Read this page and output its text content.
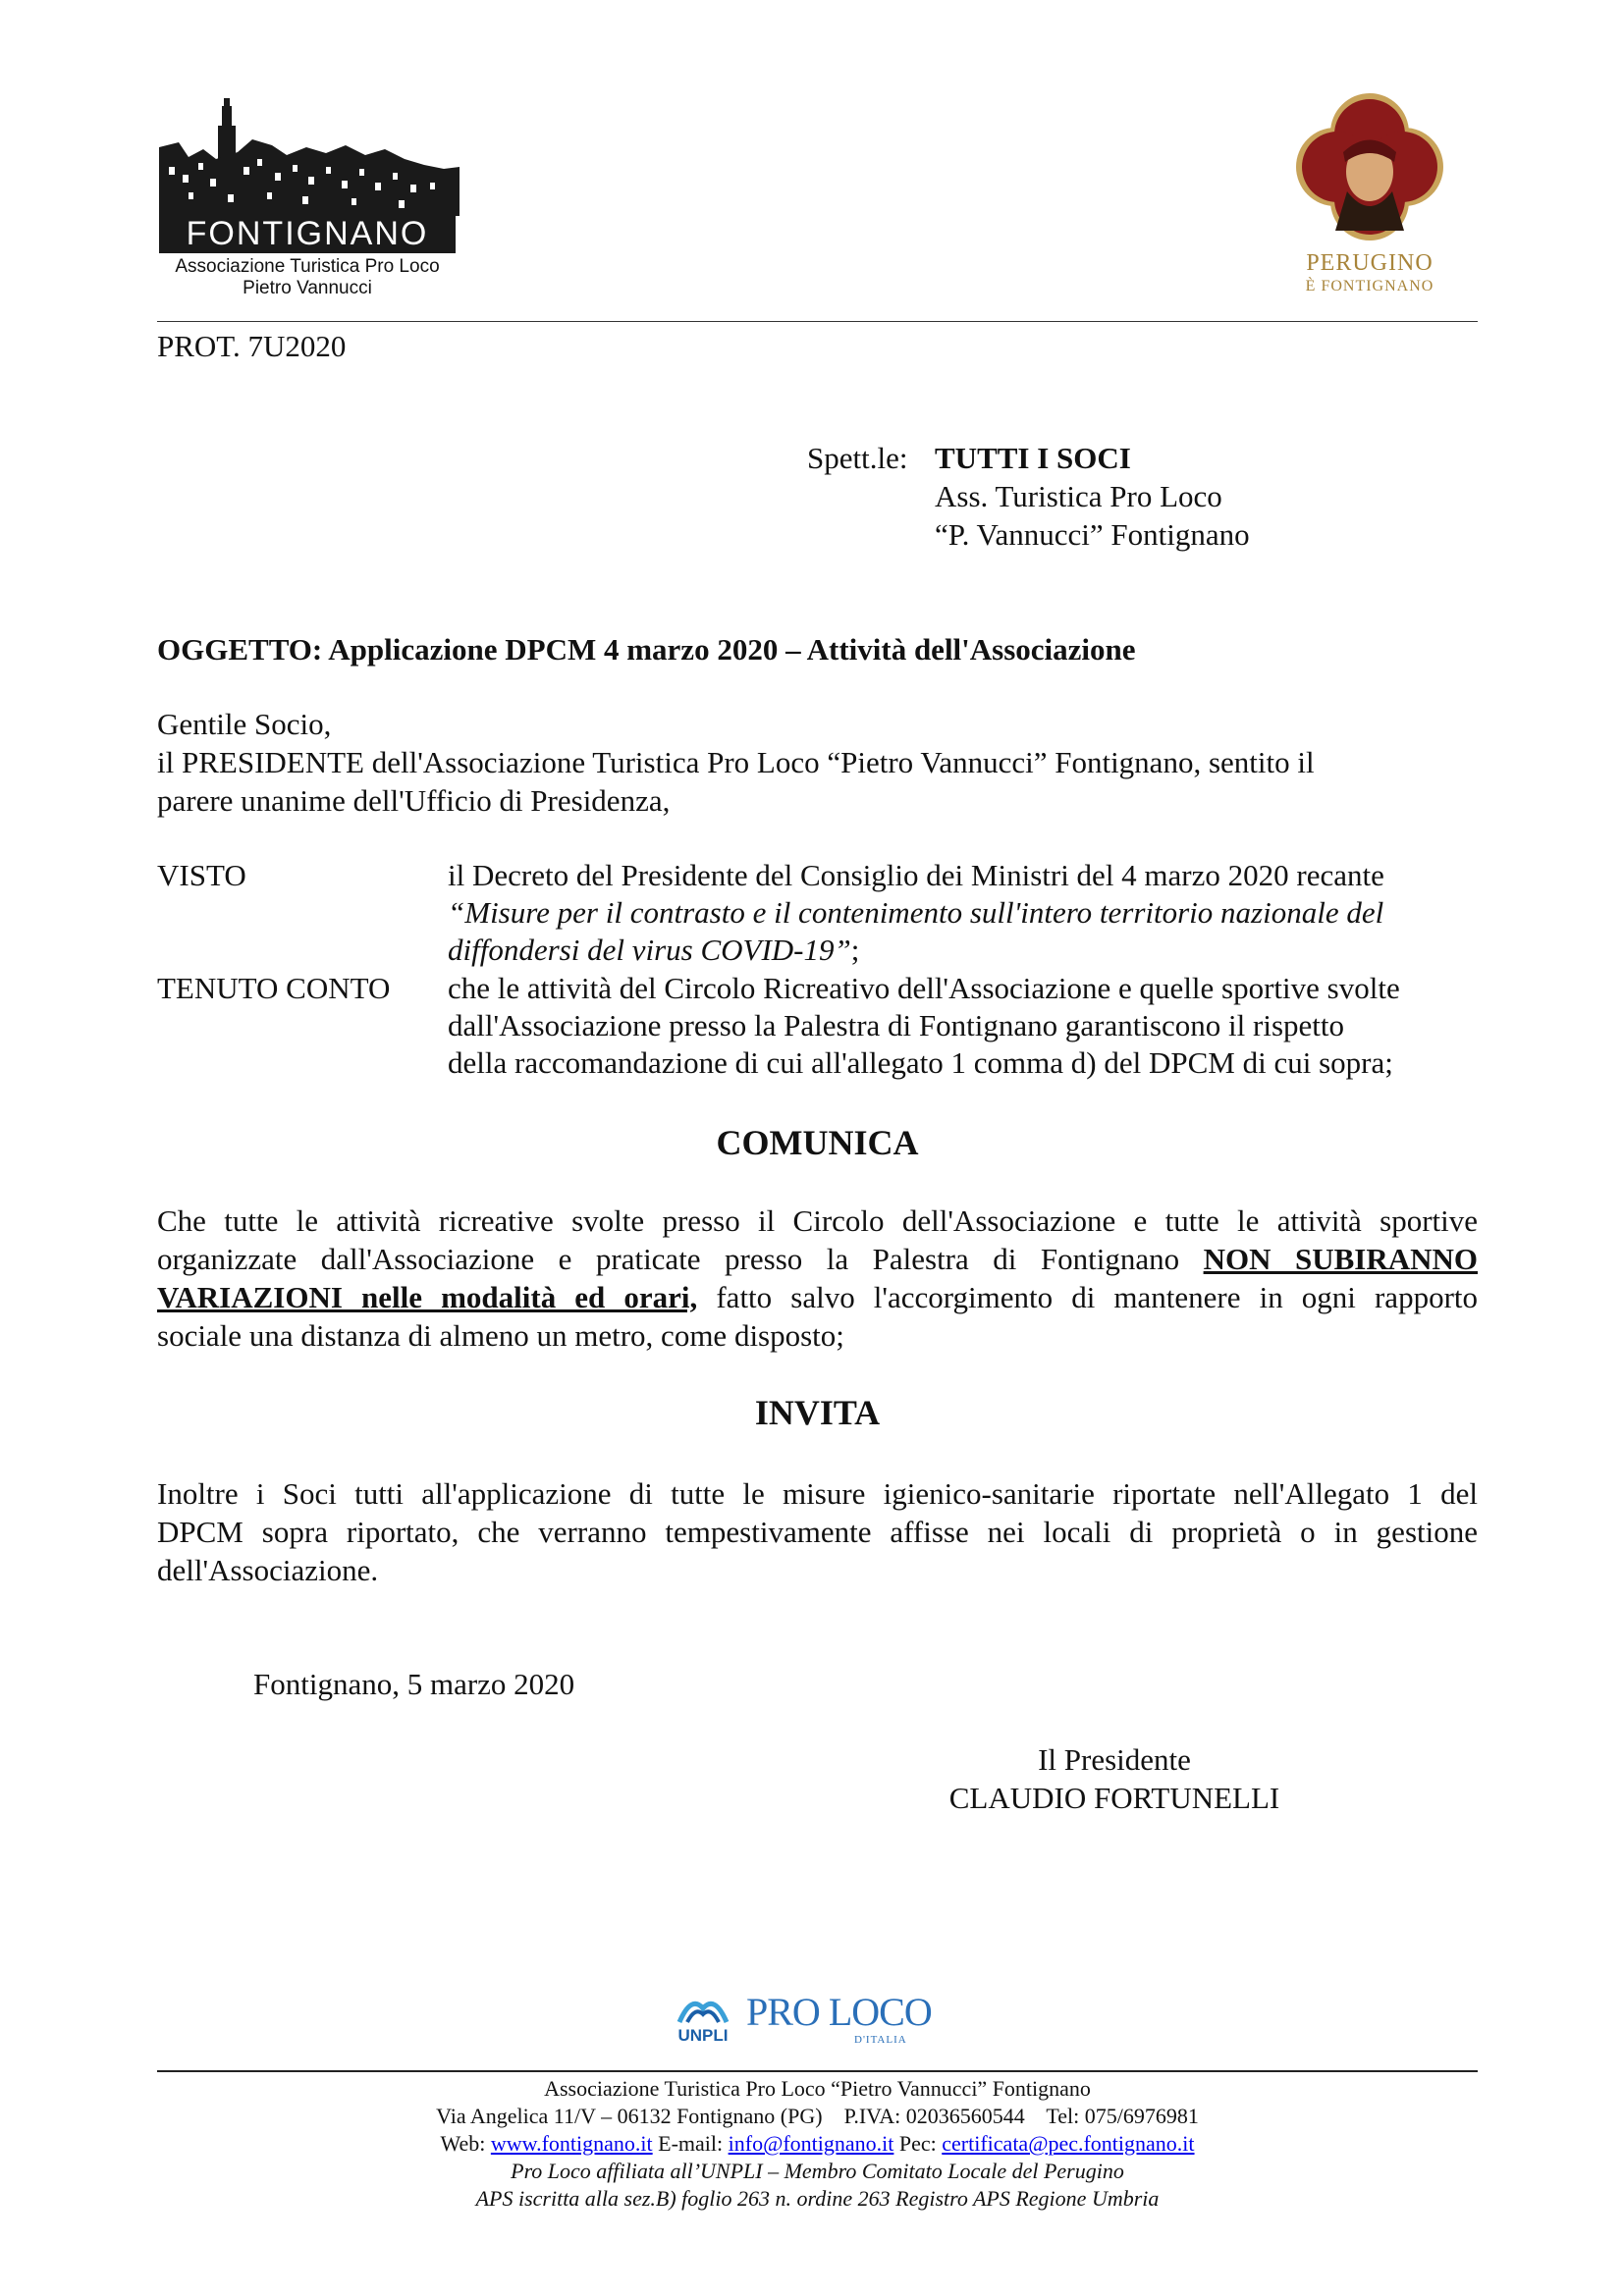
FONTIGNANO
Associazione Turistica Pro Loco
Pietro Vannucci
PERUGINO
È FONTIGNANO
PROT. 7U2020
Spett.le: TUTTI I SOCI
Ass. Turistica Pro Loco
“P. Vannucci” Fontignano
OGGETTO: Applicazione DPCM 4 marzo 2020 – Attività dell'Associazione
Gentile Socio,
il PRESIDENTE dell'Associazione Turistica Pro Loco “Pietro Vannucci” Fontignano, sentito il
parere unanime dell'Ufficio di Presidenza,
VISTO	il Decreto del Presidente del Consiglio dei Ministri del 4 marzo 2020 recante
“Misure per il contrasto e il contenimento sull'intero territorio nazionale del
diffondersi del virus COVID-19”;
TENUTO CONTO che le attività del Circolo Ricreativo dell'Associazione e quelle sportive svolte
dall'Associazione presso la Palestra di Fontignano garantiscono il rispetto
della raccomandazione di cui all'allegato 1 comma d) del DPCM di cui sopra;
COMUNICA
Che tutte le attività ricreative svolte presso il Circolo dell'Associazione e tutte le attività sportive
organizzate dall'Associazione e praticate presso la Palestra di Fontignano NON SUBIRANNO
VARIAZIONI nelle modalità ed orari, fatto salvo l'accorgimento di mantenere in ogni rapporto
sociale una distanza di almeno un metro, come disposto;
INVITA
Inoltre i Soci tutti all'applicazione di tutte le misure igienico-sanitarie riportate nell'Allegato 1 del
DPCM sopra riportato, che verranno tempestivamente affisse nei locali di proprietà o in gestione
dell'Associazione.
Fontignano, 5 marzo 2020
Il Presidente
CLAUDIO FORTUNELLI
UNPLI
PRO LOCO
D'ITALIA
Associazione Turistica Pro Loco “Pietro Vannucci” Fontignano
Via Angelica 11/V – 06132 Fontignano (PG)    P.IVA: 02036560544    Tel: 075/6976981
Web: www.fontignano.it E-mail: info@fontignano.it Pec: certificata@pec.fontignano.it
Pro Loco affiliata all’UNPLI – Membro Comitato Locale del Perugino
APS iscritta alla sez.B) foglio 263 n. ordine 263 Registro APS Regione Umbria
